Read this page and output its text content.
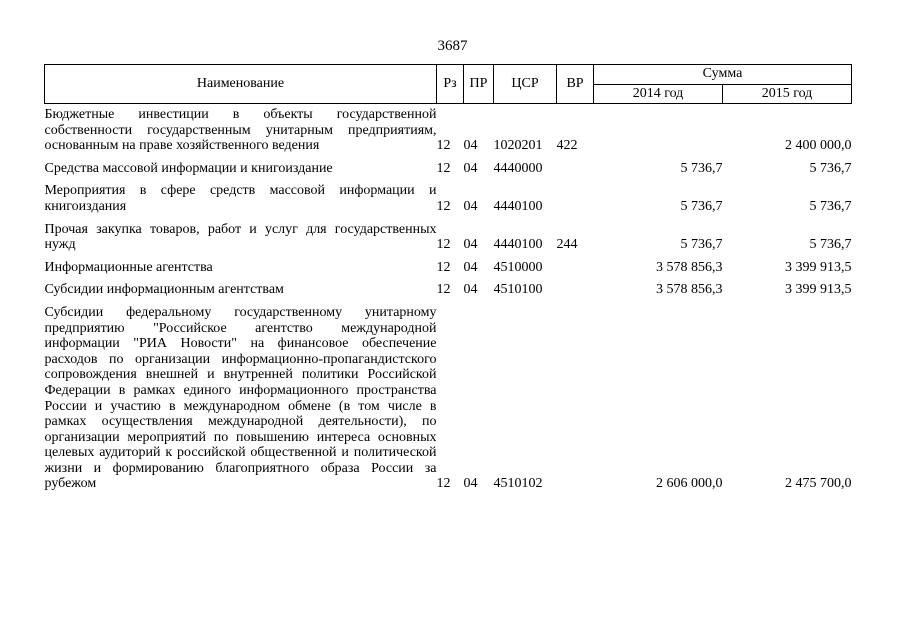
3687
Наименование	Рз	ПР	ЦСР	ВР	Сумма	
					2014 год	2015 год
Бюджетные инвестиции в объекты государственной собственности государственным унитарным предприятиям, основанным на праве хозяйственного ведения	12	04	1020201	422		2 400 000,0
Средства массовой информации и книгоиздание	12	04	4440000		5 736,7	5 736,7
Мероприятия в сфере средств массовой информации и книгоиздания	12	04	4440100		5 736,7	5 736,7
Прочая закупка товаров, работ и услуг для государственных нужд	12	04	4440100	244	5 736,7	5 736,7
Информационные агентства	12	04	4510000		3 578 856,3	3 399 913,5
Субсидии информационным агентствам	12	04	4510100		3 578 856,3	3 399 913,5
Субсидии федеральному государственному унитарному предприятию "Российское агентство международной информации "РИА Новости" на финансовое обеспечение расходов по организации информационно-пропагандистского сопровождения внешней и внутренней политики Российской Федерации в рамках единого информационного пространства России и участию в международном обмене (в том числе в рамках осуществления международной деятельности), по организации мероприятий по повышению интереса основных целевых аудиторий к российской общественной и политической жизни и формированию благоприятного образа России за рубежом	12	04	4510102		2 606 000,0	2 475 700,0
